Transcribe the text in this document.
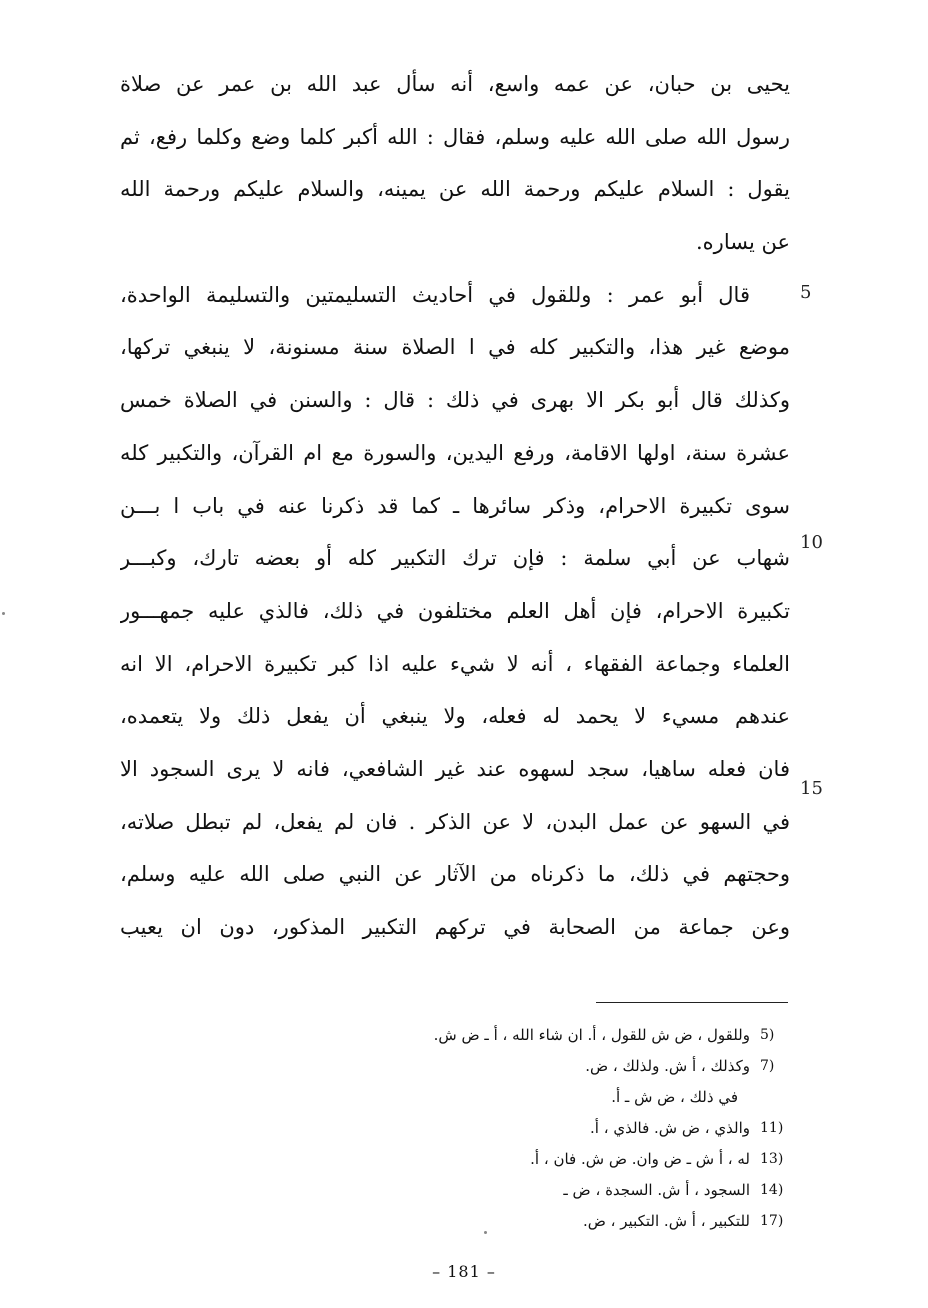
يحيى بن حبان، عن عمه واسع، أنه سأل عبد الله بن عمر عن صلاة
رسول الله صلى الله عليه وسلم، فقال : الله أكبر كلما وضع وكلما رفع، ثم
يقول : السلام عليكم ورحمة الله عن يمينه، والسلام عليكم ورحمة الله
عن يساره.
قال أبو عمر : وللقول في أحاديث التسليمتين والتسليمة الواحدة،
موضع غير هذا، والتكبير كله في ا الصلاة سنة مسنونة، لا ينبغي تركها،
وكذلك قال أبو بكر الا بهرى في ذلك : قال : والسنن في الصلاة خمس
عشرة سنة، اولها الاقامة، ورفع اليدين، والسورة مع ام القرآن، والتكبير كله
سوى تكبيرة الاحرام، وذكر سائرها ـ كما قد ذكرنا عنه في باب ا بـــن
شهاب عن أبي سلمة : فإن ترك التكبير كله أو بعضه تارك، وكبـــر
تكبيرة الاحرام، فإن أهل العلم مختلفون في ذلك، فالذي عليه جمهـــور
العلماء وجماعة الفقهاء ، أنه لا شيء عليه اذا كبر تكبيرة الاحرام، الا انه
عندهم مسيء لا يحمد له فعله، ولا ينبغي أن يفعل ذلك ولا يتعمده،
فان فعله ساهيا، سجد لسهوه عند غير الشافعي، فانه لا يرى السجود الا
في السهو عن عمل البدن، لا عن الذكر . فان لم يفعل، لم تبطل صلاته،
وحجتهم في ذلك، ما ذكرناه من الآثار عن النبي صلى الله عليه وسلم،
وعن جماعة من الصحابة في تركهم التكبير المذكور، دون ان يعيب
5
10
15
5)
وللقول ، ض ش للقول ، أ. ان شاء الله ، أ ـ ض ش.
7)
وكذلك ، أ ش. ولذلك ، ض.
في ذلك ، ض ش ـ أ.
11)
والذي ، ض ش. فالذي ، أ.
13)
له ، أ ش ـ ض وان. ض ش. فان ، أ.
14)
السجود ، أ ش. السجدة ، ض ـ
17)
للتكبير ، أ ش. التكبير ، ض.
– 181 –
